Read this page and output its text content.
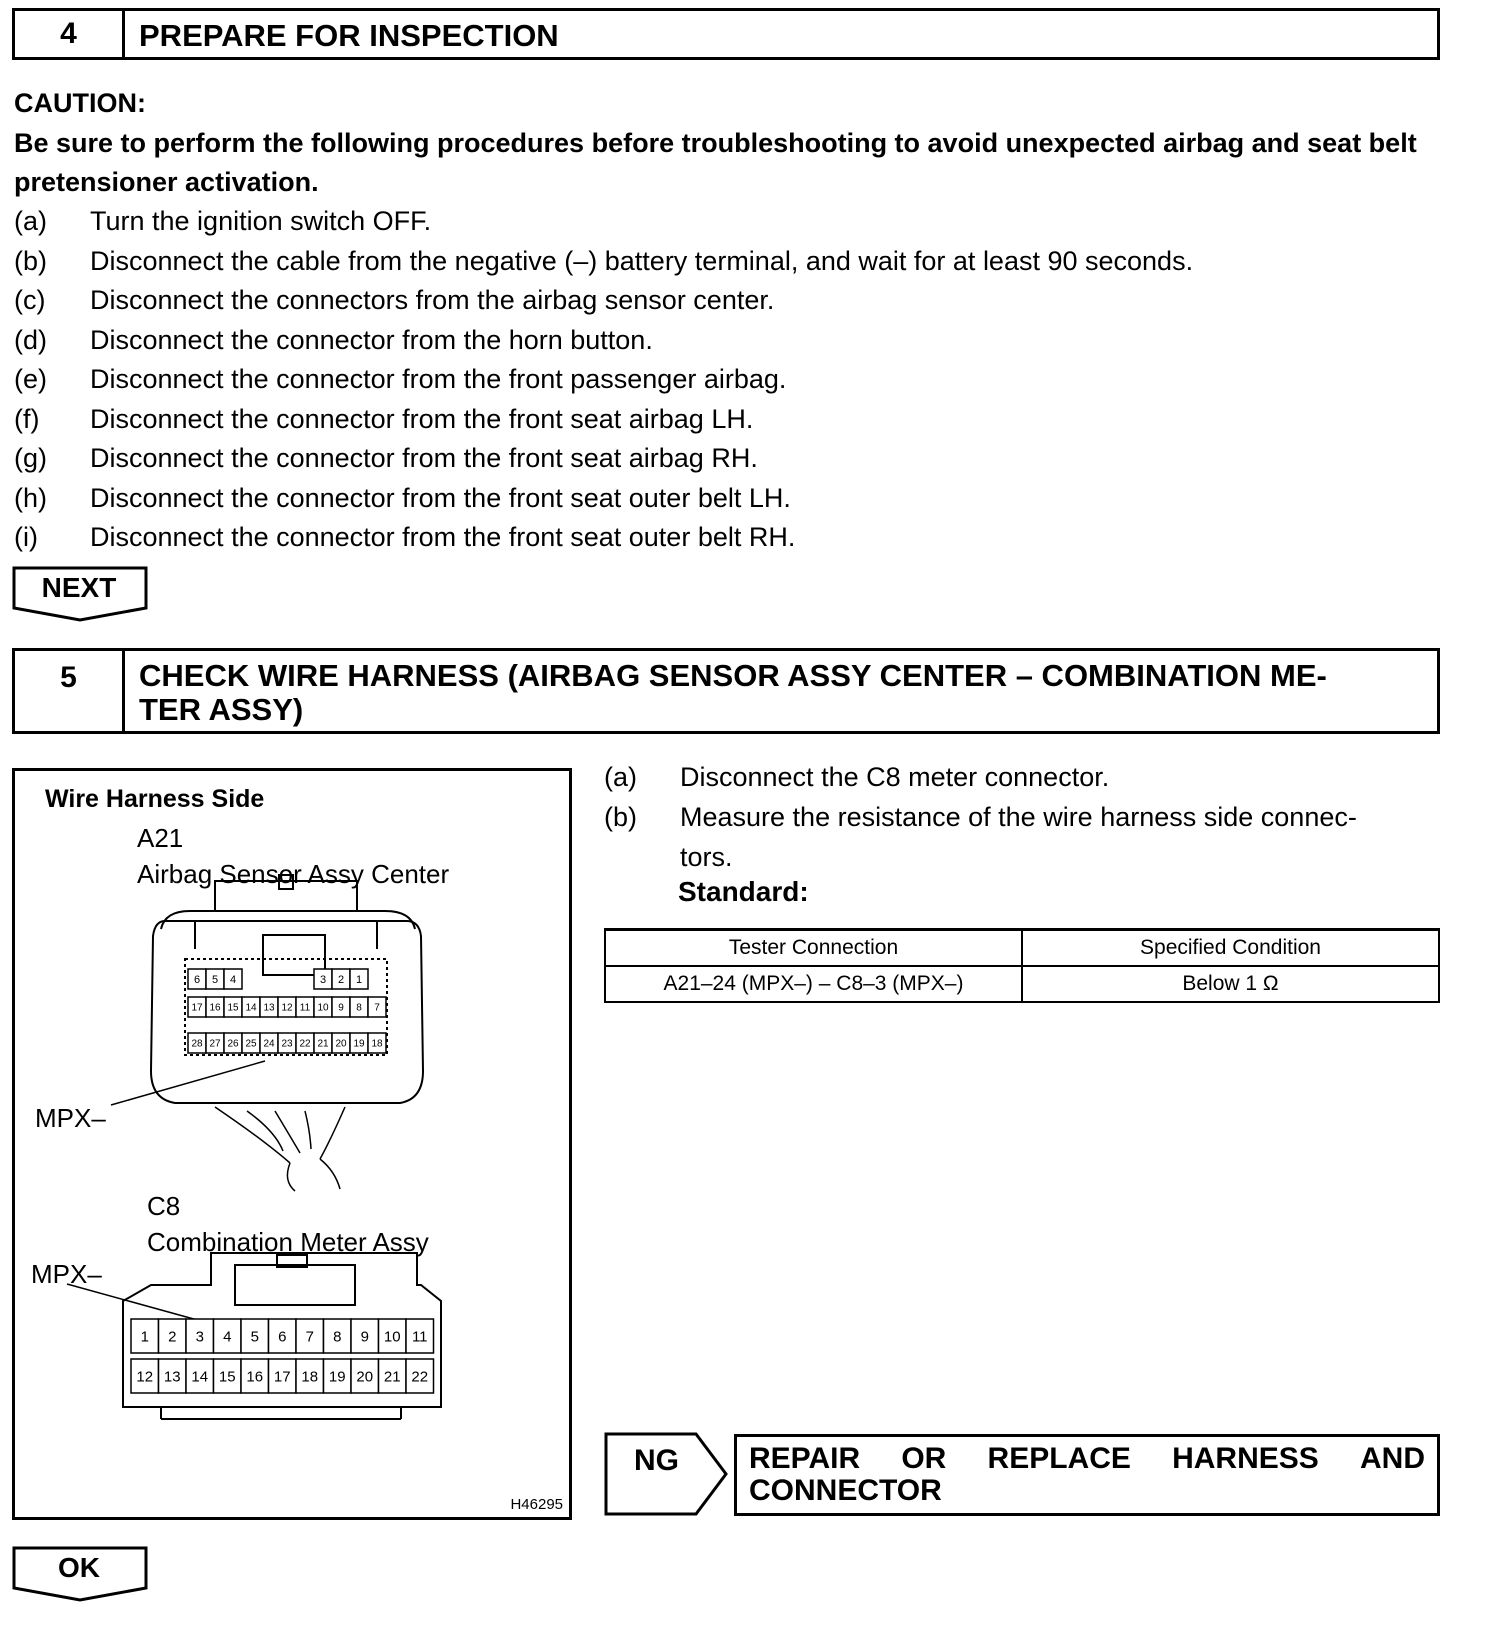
4	PREPARE FOR INSPECTION
CAUTION:
Be sure to perform the following procedures before troubleshooting to avoid unexpected airbag and seat belt pretensioner activation.
(a) Turn the ignition switch OFF.
(b) Disconnect the cable from the negative (–) battery terminal, and wait for at least 90 seconds.
(c) Disconnect the connectors from the airbag sensor center.
(d) Disconnect the connector from the horn button.
(e) Disconnect the connector from the front passenger airbag.
(f) Disconnect the connector from the front seat airbag LH.
(g) Disconnect the connector from the front seat airbag RH.
(h) Disconnect the connector from the front seat outer belt LH.
(i) Disconnect the connector from the front seat outer belt RH.
NEXT
5	CHECK WIRE HARNESS (AIRBAG SENSOR ASSY CENTER – COMBINATION ME-
TER ASSY)
Wire Harness Side
A21
Airbag Sensor Assy Center
MPX–
C8
Combination Meter Assy
MPX–
H46295
6 5 4	3 2 1
17 16 15 14 13 12 11 10 9 8 7
28 27 26 25 24 23 22 21 20 19 18
1 2 3 4 5 6 7 8 9 10 11
12 13 14 15 16 17 18 19 20 21 22
(a) Disconnect the C8 meter connector.
(b) Measure the resistance of the wire harness side connec-
tors.
Standard:
Tester Connection	Specified Condition
A21–24 (MPX–) – C8–3 (MPX–)	Below 1 Ω
NG REPAIR OR REPLACE HARNESS AND
CONNECTOR
OK
